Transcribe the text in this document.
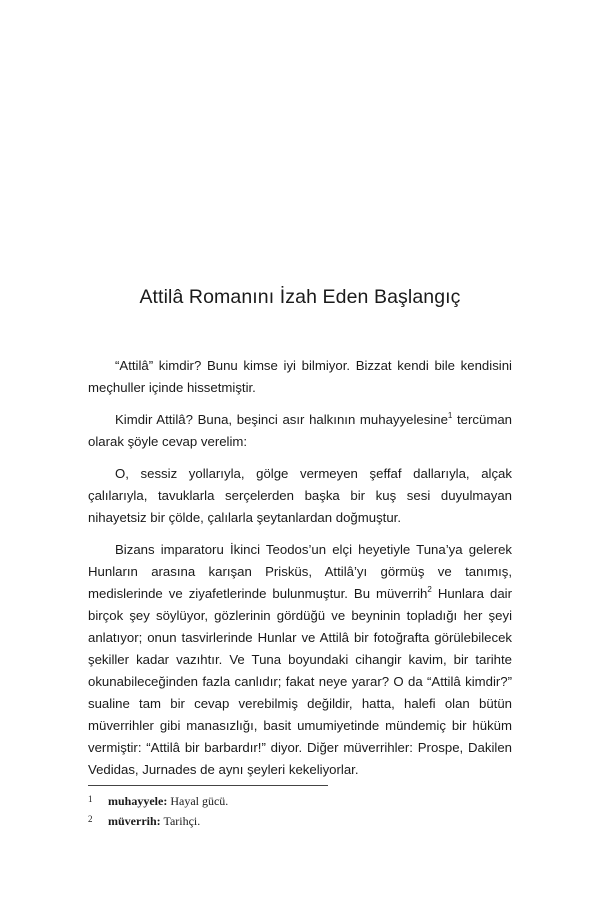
Attilâ Romanını İzah Eden Başlangıç

“Attilâ” kimdir? Bunu kimse iyi bilmiyor. Bizzat kendi bile kendisini meçhuller içinde hissetmiştir.

Kimdir Attilâ? Buna, beşinci asır halkının muhayyelesine$^1$ tercüman olarak şöyle cevap verelim:

O, sessiz yollarıyla, gölge vermeyen şeffaf dallarıyla, alçak çalılarıyla, tavuklarla serçelerden başka bir kuş sesi duyulmayan nihayetsiz bir çölde, çalılarla şeytanlardan doğmuştur.

Bizans imparatoru İkinci Teodos’un elçi heyetiyle Tuna’ya gelerek Hunların arasına karışan Prisküs, Attilâ’yı görmüş ve tanımış, medislerinde ve ziyafetlerinde bulunmuştur. Bu müverrih$^2$ Hunlara dair birçok şey söylüyor, gözlerinin gördüğü ve beyninin topladığı her şeyi anlatıyor; onun tasvirlerinde Hunlar ve Attilâ bir fotoğrafta görülebilecek şekiller kadar vazıhtır. Ve Tuna boyundaki cihangir kavim, bir tarihte okunabileceğinden fazla canlıdır; fakat neye yarar? O da “Attilâ kimdir?” sualine tam bir cevap verebilmiş değildir, hatta, halefi olan bütün müverrihler gibi manasızlığı, basit umumiyetinde mündemiç bir hüküm vermiştir: “Attilâ bir barbardır!” diyor. Diğer müverrihler: Prospe, Dakilen Vedidas, Jurnades de aynı şeyleri kekeliyorlar.

1 muhayyele: Hayal gücü.
2 müverrih: Tarihçi.
